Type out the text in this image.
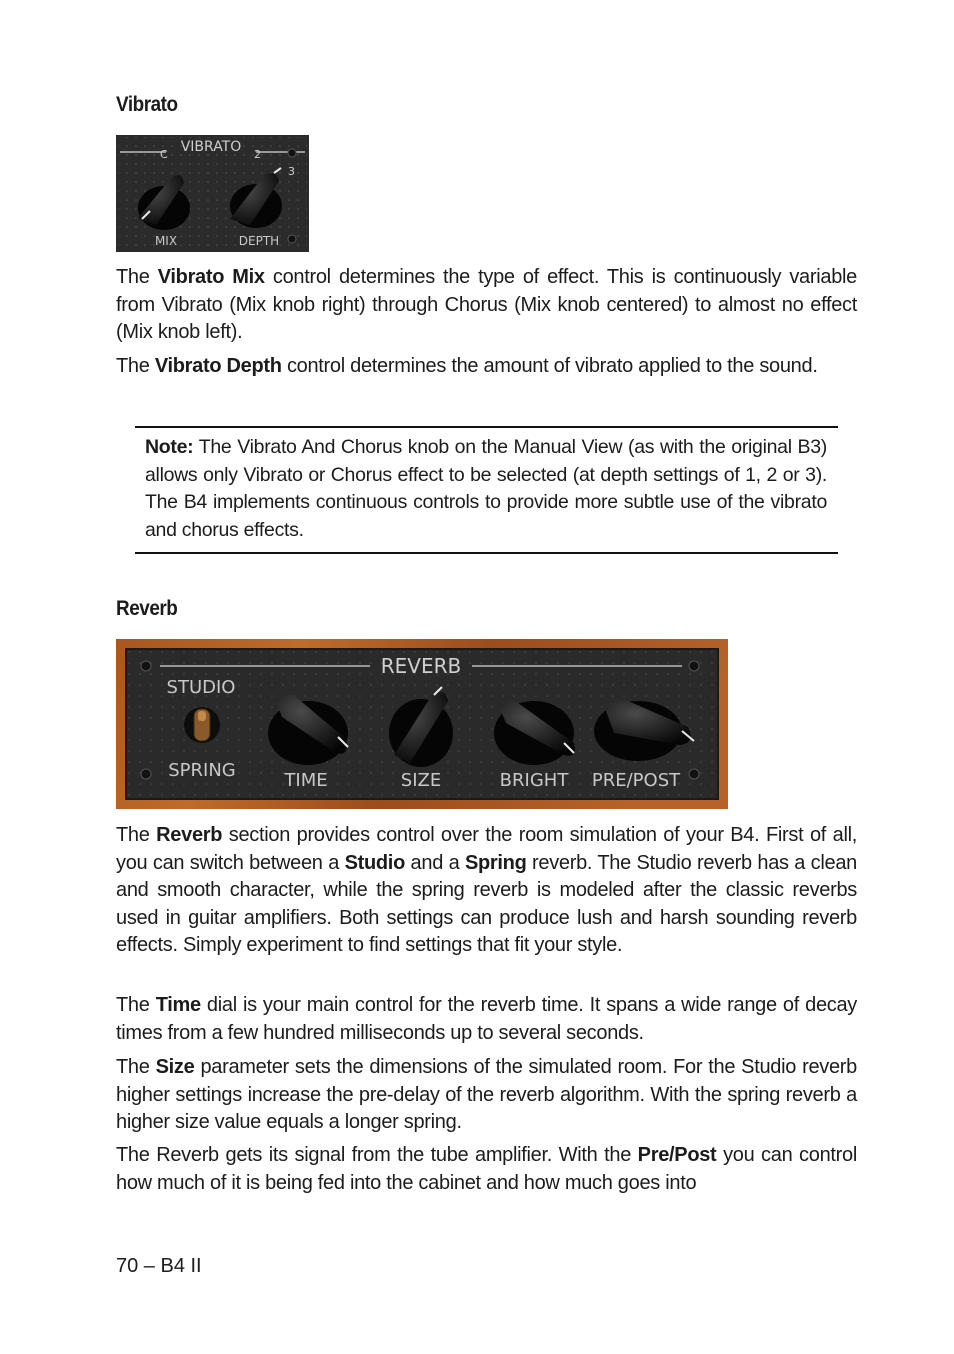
Vibrato
VIBRATO
C	2
3
MIX	DEPTH
The Vibrato Mix control determines the type of effect. This is continuously variable from Vibrato (Mix knob right) through Chorus (Mix knob centered) to almost no effect (Mix knob left).
The Vibrato Depth control determines the amount of vibrato applied to the sound.
Note: The Vibrato And Chorus knob on the Manual View (as with the original B3) allows only Vibrato or Chorus effect to be selected (at depth settings of 1, 2 or 3). The B4 implements continuous controls to provide more subtle use of the vibrato and chorus effects.
Reverb
REVERB
STUDIO
SPRING	TIME	SIZE	BRIGHT PRE/POST
The Reverb section provides control over the room simulation of your B4. First of all, you can switch between a Studio and a Spring reverb. The Studio reverb has a clean and smooth character, while the spring reverb is modeled after the classic reverbs used in guitar amplifiers. Both settings can produce lush and harsh sounding reverb effects. Simply experiment to find settings that fit your style.
The Time dial is your main control for the reverb time. It spans a wide range of decay times from a few hundred milliseconds up to several seconds.
The Size parameter sets the dimensions of the simulated room. For the Studio reverb higher settings increase the pre-delay of the reverb algorithm. With the spring reverb a higher size value equals a longer spring.
The Reverb gets its signal from the tube amplifier. With the Pre/Post you can control how much of it is being fed into the cabinet and how much goes into
70 – B4 II
